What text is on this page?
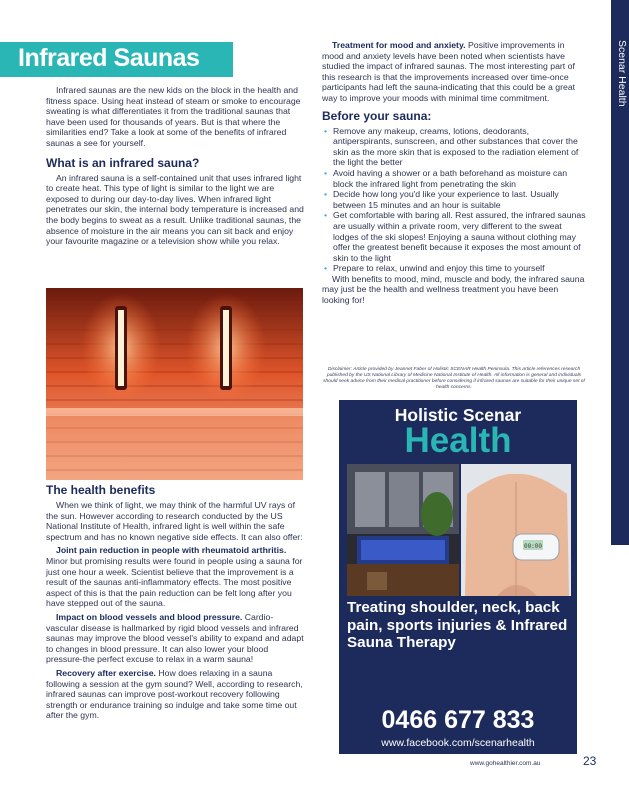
Infrared Saunas	Scenar Health

Infrared saunas are the new kids on the block in the health and fitness space. Using heat instead of steam or smoke to encourage sweating is what differentiates it from the traditional saunas that have been used for thousands of years. But is that where the similarities end? Take a look at some of the benefits of infrared saunas a see for yourself.

What is an infrared sauna?

An infrared sauna is a self-contained unit that uses infrared light to create heat. This type of light is similar to the light we are exposed to during our day-to-day lives. When infrared light penetrates our skin, the internal body temperature is increased and the body begins to sweat as a result. Unlike traditional saunas, the absence of moisture in the air means you can sit back and enjoy your favourite magazine or a television show while you relax.

The health benefits

When we think of light, we may think of the harmful UV rays of the sun. However according to research conducted by the US National Institute of Health, infrared light is well within the safe spectrum and has no known negative side effects. It can also offer:

Joint pain reduction in people with rheumatoid arthritis. Minor but promising results were found in people using a sauna for just one hour a week. Scientist believe that the improvement is a result of the saunas anti-inflammatory effects. The most positive aspect of this is that the pain reduction can be felt long after you have stepped out of the sauna.

Impact on blood vessels and blood pressure. Cardio-vascular disease is hallmarked by rigid blood vessels and infrared saunas may improve the blood vessel's ability to expand and adapt to changes in blood pressure. It can also lower your blood pressure-the perfect excuse to relax in a warm sauna!

Recovery after exercise. How does relaxing in a sauna following a session at the gym sound? Well, according to research, infrared saunas can improve post-workout recovery following strength or endurance training so indulge and take some time out after the gym.

Treatment for mood and anxiety. Positive improvements in mood and anxiety levels have been noted when scientists have studied the impact of infrared saunas. The most interesting part of this research is that the improvements increased over time-once participants had left the sauna-indicating that this could be a great way to improve your moods with minimal time commitment.

Before your sauna:
• Remove any makeup, creams, lotions, deodorants, antiperspirants, sunscreen, and other substances that cover the skin as the more skin that is exposed to the radiation element of the light the better
• Avoid having a shower or a bath beforehand as moisture can block the infrared light from penetrating the skin
• Decide how long you'd like your experience to last. Usually between 15 minutes and an hour is suitable
• Get comfortable with baring all. Rest assured, the infrared saunas are usually within a private room, very different to the sweat lodges of the ski slopes! Enjoying a sauna without clothing may offer the greatest benefit because it exposes the most amount of skin to the light
• Prepare to relax, unwind and enjoy this time to yourself

With benefits to mood, mind, muscle and body, the infrared sauna may just be the health and wellness treatment you have been looking for!

Disclaimer: Article provided by Jeannet Faber of Holistic SCENAR Health Peninsula. This article references research published by the US National Library of Medicine National Institute of Health. All information is general and individuals should seek advice from their medical practitioner before considering if infrared saunas are suitable for their unique set of health concerns.
Holistic Scenar
Health
00:00
Treating shoulder, neck, back pain, sports injuries & Infrared Sauna Therapy
0466 677 833
www.facebook.com/scenarhealth
www.gohealthier.com.au	23
